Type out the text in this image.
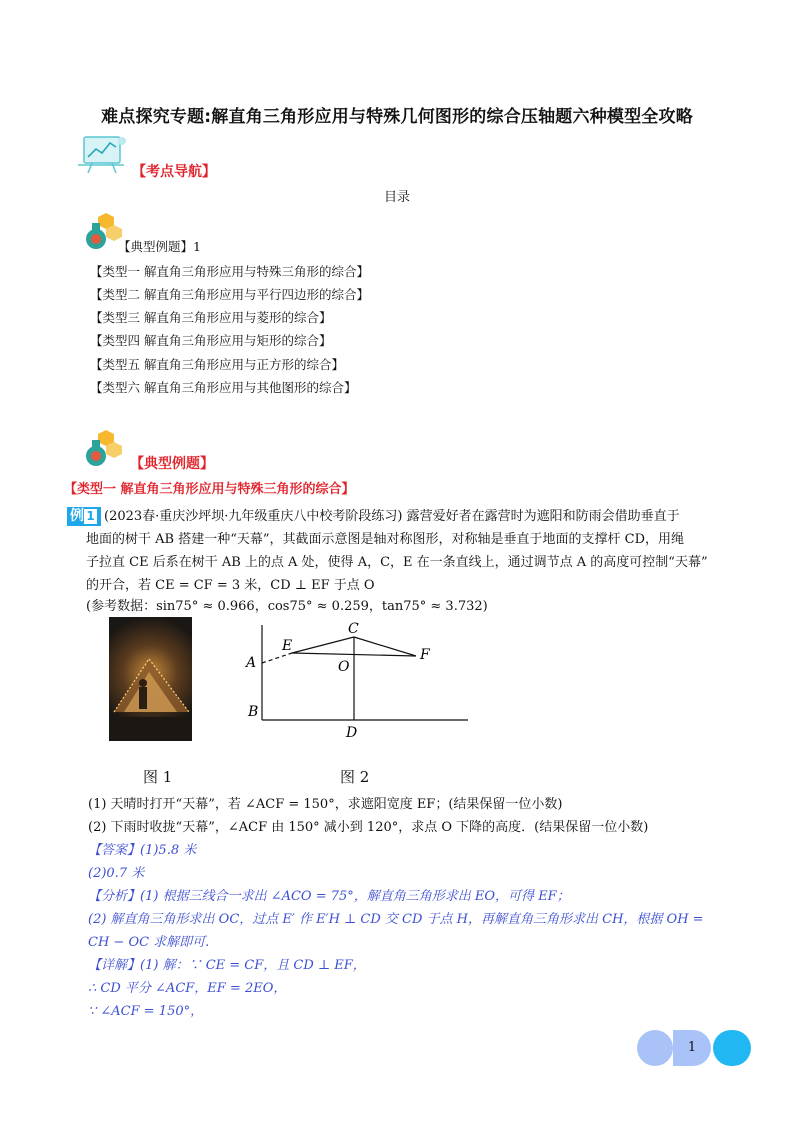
难点探究专题:解直角三角形应用与特殊几何图形的综合压轴题六种模型全攻略
【考点导航】
目录
【典型例题】1
【类型一 解直角三角形应用与特殊三角形的综合】
【类型二 解直角三角形应用与平行四边形的综合】
【类型三 解直角三角形应用与菱形的综合】
【类型四 解直角三角形应用与矩形的综合】
【类型五 解直角三角形应用与正方形的综合】
【类型六 解直角三角形应用与其他图形的综合】
【典型例题】
【类型一 解直角三角形应用与特殊三角形的综合】
例 1 (2023春·重庆沙坪坝·九年级重庆八中校考阶段练习) 露营爱好者在露营时为遮阳和防雨会借助垂直于
地面的树干 AB 搭建一种“天幕”，其截面示意图是轴对称图形，对称轴是垂直于地面的支撑杆 CD，用绳
子拉直 CE 后系在树干 AB 上的点 A 处，使得 A，C，E 在一条直线上，通过调节点 A 的高度可控制“天幕”
的开合，若 CE = CF = 3 米，CD ⊥ EF 于点 O
(参考数据：sin75° ≈ 0.966，cos75° ≈ 0.259，tan75° ≈ 3.732)
A
B
C
D
E
F
O
图 1	图 2
(1) 天晴时打开“天幕”，若 ∠ACF = 150°，求遮阳宽度 EF；(结果保留一位小数)
(2) 下雨时收拢“天幕”，∠ACF 由 150° 减小到 120°，求点 O 下降的高度．(结果保留一位小数)
【答案】(1)5.8 米
(2)0.7 米
【分析】(1) 根据三线合一求出 ∠ACO = 75°，解直角三角形求出 EO，可得 EF；
(2) 解直角三角形求出 OC，过点 E′ 作 E′H ⊥ CD 交 CD 于点 H，再解直角三角形求出 CH，根据 OH =
CH − OC 求解即可.
【详解】(1) 解：∵ CE = CF，且 CD ⊥ EF，
∴ CD 平分 ∠ACF，EF = 2EO，
∵ ∠ACF = 150°，
1
